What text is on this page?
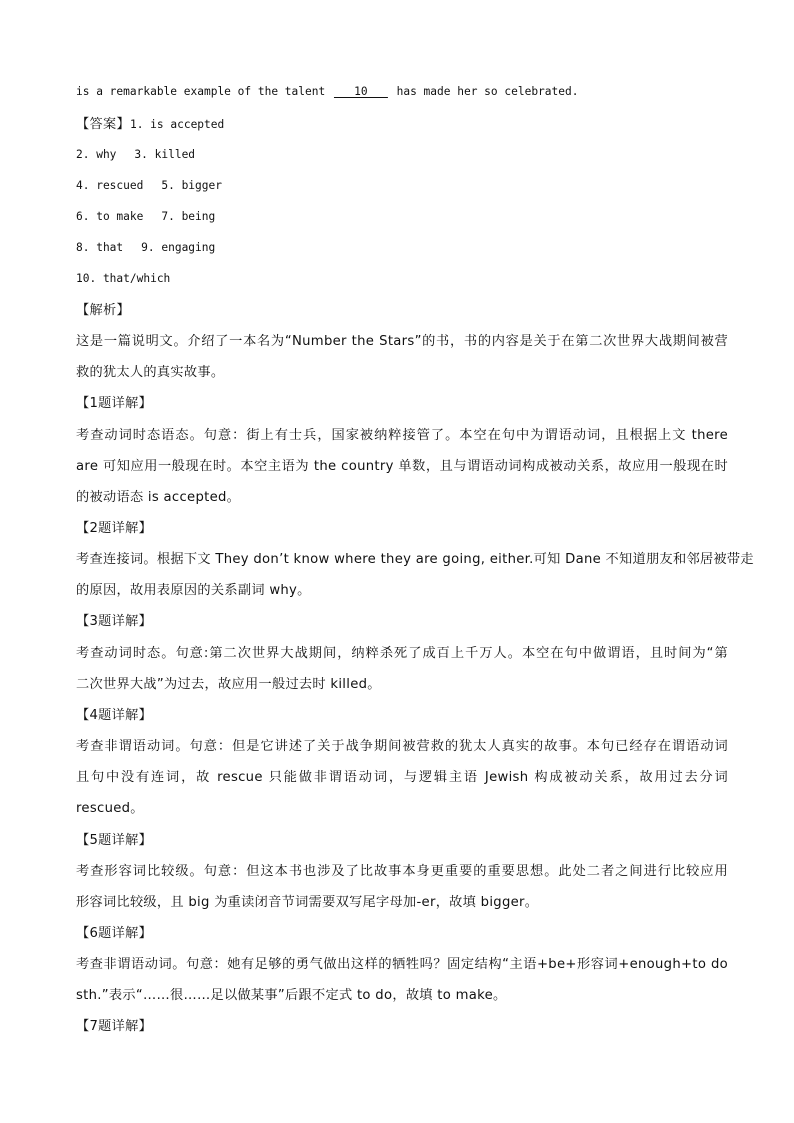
is a remarkable example of the talent ___10___ has made her so celebrated.
【答案】1. is accepted
2. why 3. killed
4. rescued 5. bigger
6. to make 7. being
8. that 9. engaging
10. that/which
【解析】
这是一篇说明文。介绍了一本名为“Number the Stars”的书，书的内容是关于在第二次世界大战期间被营
救的犹太人的真实故事。
【1题详解】
考查动词时态语态。句意：街上有士兵，国家被纳粹接管了。本空在句中为谓语动词，且根据上文 there
are 可知应用一般现在时。本空主语为 the country 单数，且与谓语动词构成被动关系，故应用一般现在时
的被动语态 is accepted。
【2题详解】
考查连接词。根据下文 They don’t know where they are going, either.可知 Dane 不知道朋友和邻居被带走
的原因，故用表原因的关系副词 why。
【3题详解】
考查动词时态。句意:第二次世界大战期间，纳粹杀死了成百上千万人。本空在句中做谓语，且时间为“第
二次世界大战”为过去，故应用一般过去时 killed。
【4题详解】
考查非谓语动词。句意：但是它讲述了关于战争期间被营救的犹太人真实的故事。本句已经存在谓语动词
且句中没有连词，故 rescue 只能做非谓语动词，与逻辑主语 Jewish 构成被动关系，故用过去分词
rescued。
【5题详解】
考查形容词比较级。句意：但这本书也涉及了比故事本身更重要的重要思想。此处二者之间进行比较应用
形容词比较级，且 big 为重读闭音节词需要双写尾字母加-er，故填 bigger。
【6题详解】
考查非谓语动词。句意：她有足够的勇气做出这样的牺牲吗？固定结构“主语+be+形容词+enough+to do
sth.”表示“……很……足以做某事”后跟不定式 to do，故填 to make。
【7题详解】
